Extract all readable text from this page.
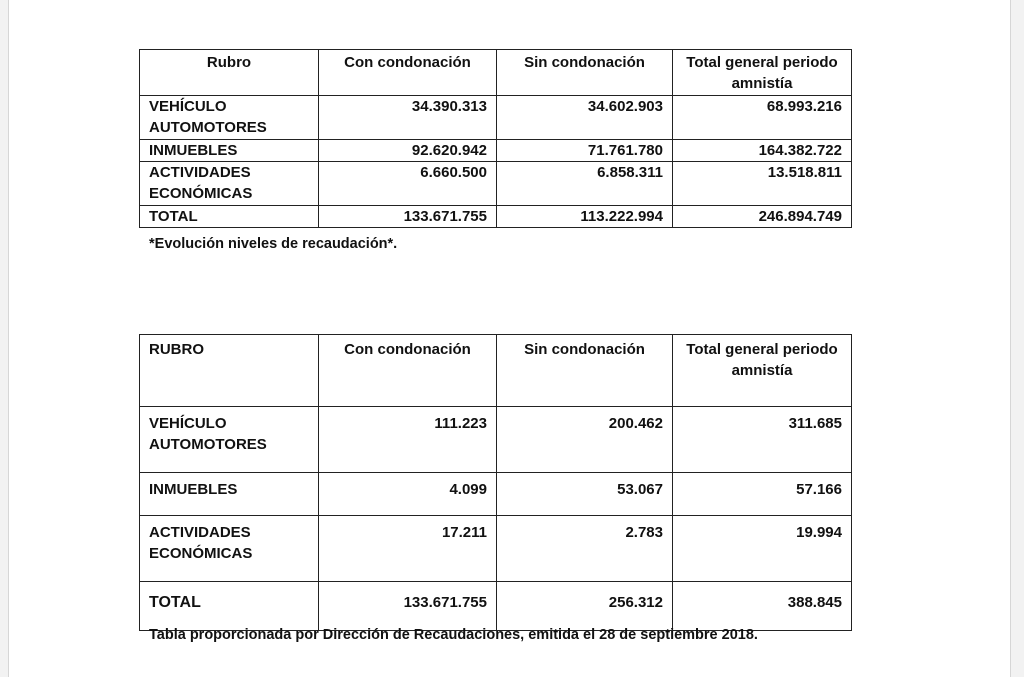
Rubro	Con condonación	Sin condonación	Total general periodo amnistía
VEHÍCULO AUTOMOTORES	34.390.313	34.602.903	68.993.216
INMUEBLES	92.620.942	71.761.780	164.382.722
ACTIVIDADES ECONÓMICAS	6.660.500	6.858.311	13.518.811
TOTAL	133.671.755	113.222.994	246.894.749
*Evolución niveles de recaudación*.
RUBRO	Con condonación	Sin condonación	Total general periodo amnistía
VEHÍCULO AUTOMOTORES	111.223	200.462	311.685
INMUEBLES	4.099	53.067	57.166
ACTIVIDADES ECONÓMICAS	17.211	2.783	19.994
TOTAL	133.671.755	256.312	388.845
Tabla proporcionada por Dirección de Recaudaciones, emitida el 28 de septiembre 2018.
